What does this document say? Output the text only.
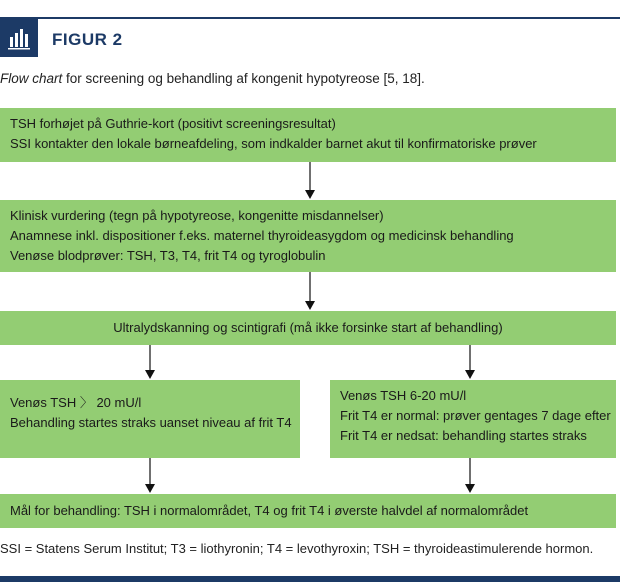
FIGUR 2
Flow chart for screening og behandling af kongenit hypotyreose [5, 18].
TSH forhøjet på Guthrie-kort (positivt screeningsresultat)
SSI kontakter den lokale børneafdeling, som indkalder barnet akut til konfirmatoriske prøver
Klinisk vurdering (tegn på hypotyreose, kongenitte misdannelser)
Anamnese inkl. dispositioner f.eks. maternel thyroideasygdom og medicinsk behandling
Venøse blodprøver: TSH, T3, T4, frit T4 og tyroglobulin
Ultralydskanning og scintigrafi (må ikke forsinke start af behandling)
Venøs TSH 〉 20 mU/l
Behandling startes straks uanset niveau af frit T4
Venøs TSH 6-20 mU/l
Frit T4 er normal: prøver gentages 7 dage efter
Frit T4 er nedsat: behandling startes straks
Mål for behandling: TSH i normalområdet, T4 og frit T4 i øverste halvdel af normalområdet
SSI = Statens Serum Institut; T3 = liothyronin; T4 = levothyroxin; TSH = thyroideastimulerende hormon.
